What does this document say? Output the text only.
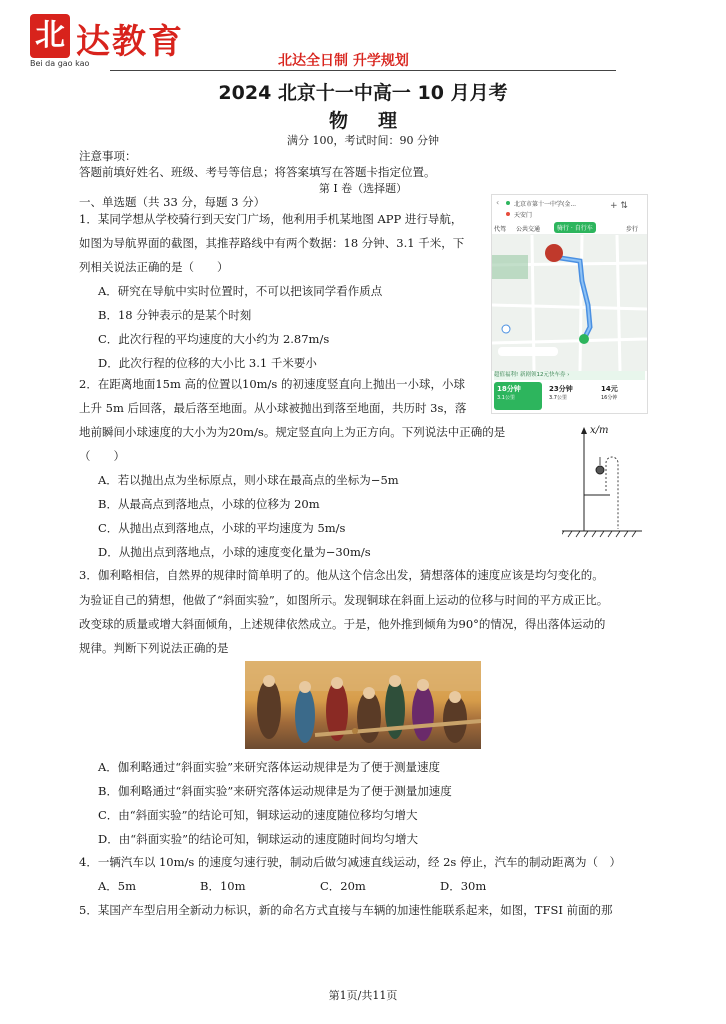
北 达教育
Bei da gao kao	北达全日制 升学规划
2024 北京十一中高一 10 月月考
物理
满分 100，考试时间：90 分钟
注意事项：
答题前填好姓名、班级、考号等信息；将答案填写在答题卡指定位置。
第 I 卷（选择题）
一、单选题（共 33 分，每题 3 分）
1．某同学想从学校骑行到天安门广场，他利用手机某地图 APP 进行导航，
如图为导航界面的截图，其推荐路线中有两个数据：18 分钟、3.1 千米，下
列相关说法正确的是（　　）
A．研究在导航中实时位置时，不可以把该同学看作质点
B．18 分钟表示的是某个时刻
C．此次行程的平均速度的大小约为 2.87m/s
D．此次行程的位移的大小比 3.1 千米要小
‹ 北京市第十一中学(金...
天安门
+ ⇅
代驾 公共交通	骑行 · 自行车	步行
超值福利! 新剧领12元快车券 ›
18分钟
3.1公里
23分钟
3.7公里
14元
16分钟
2．在距离地面15m 高的位置以10m/s 的初速度竖直向上抛出一小球，小球
上升 5m 后回落，最后落至地面。从小球被抛出到落至地面，共历时 3s，落
地前瞬间小球速度的大小为为20m/s。规定竖直向上为正方向。下列说法中正确的是
（　　）
A．若以抛出点为坐标原点，则小球在最高点的坐标为−5m
B．从最高点到落地点，小球的位移为 20m
C．从抛出点到落地点，小球的平均速度为 5m/s
D．从抛出点到落地点，小球的速度变化量为−30m/s
x/m
3．伽利略相信，自然界的规律时简单明了的。他从这个信念出发，猜想落体的速度应该是均匀变化的。
为验证自己的猜想，他做了“斜面实验”，如图所示。发现铜球在斜面上运动的位移与时间的平方成正比。
改变球的质量或增大斜面倾角，上述规律依然成立。于是，他外推到倾角为90°的情况，得出落体运动的
规律。判断下列说法正确的是
A．伽利略通过“斜面实验”来研究落体运动规律是为了便于测量速度
B．伽利略通过“斜面实验”来研究落体运动规律是为了便于测量加速度
C．由“斜面实验”的结论可知，铜球运动的速度随位移均匀增大
D．由“斜面实验”的结论可知，铜球运动的速度随时间均匀增大
4．一辆汽车以 10m/s 的速度匀速行驶，制动后做匀减速直线运动，经 2s 停止，汽车的制动距离为（　）
A．5m	B．10m	C．20m	D．30m
5．某国产车型启用全新动力标识，新的命名方式直接与车辆的加速性能联系起来，如图，TFSI 前面的那
第1页/共11页
